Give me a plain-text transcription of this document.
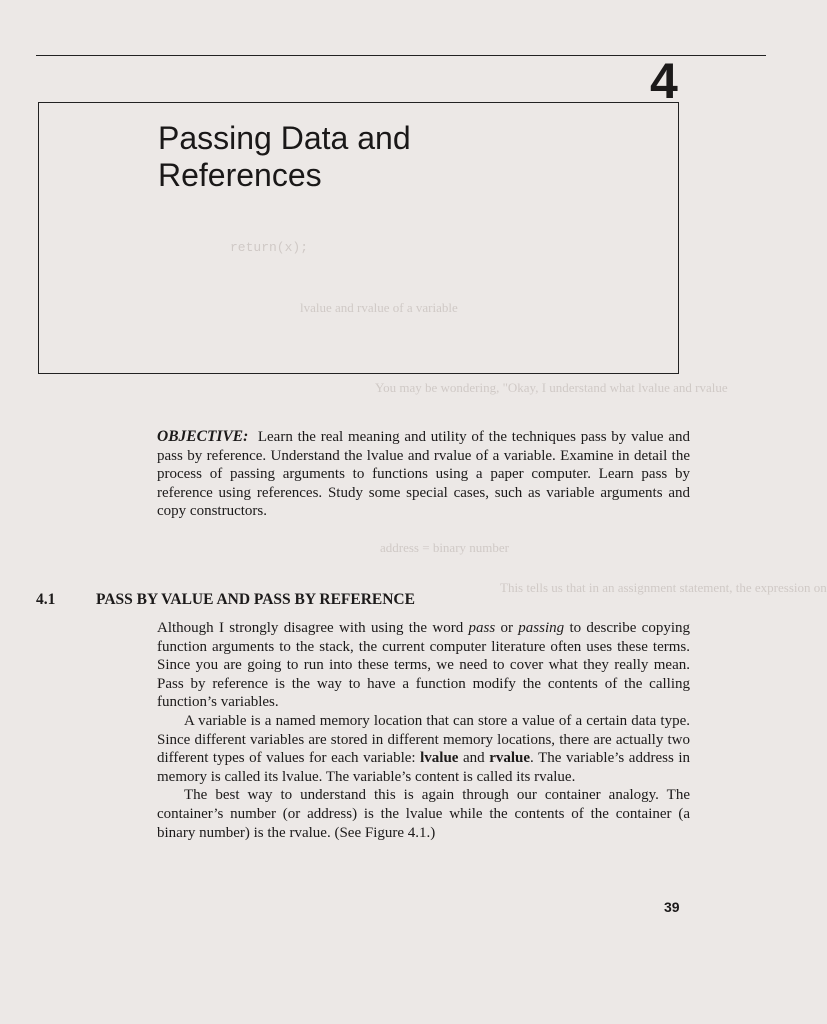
lvalue and rvalue of a variable
return(x);
You may be wondering, "Okay, I understand what lvalue and rvalue
This tells us that in an assignment statement, the expression on
address = binary number
4
Passing Data and
References
OBJECTIVE: Learn the real meaning and utility of the techniques pass by value and pass by reference. Understand the lvalue and rvalue of a variable. Examine in detail the process of passing arguments to functions using a paper computer. Learn pass by reference using references. Study some special cases, such as variable arguments and copy constructors.
4.1	PASS BY VALUE AND PASS BY REFERENCE

Although I strongly disagree with using the word pass or passing to describe copying function arguments to the stack, the current computer literature often uses these terms. Since you are going to run into these terms, we need to cover what they really mean. Pass by reference is the way to have a function modify the contents of the calling function’s variables.

A variable is a named memory location that can store a value of a certain data type. Since different variables are stored in different memory locations, there are actually two different types of values for each variable: lvalue and rvalue. The variable’s address in memory is called its lvalue. The variable’s content is called its rvalue.

The best way to understand this is again through our container analogy. The container’s number (or address) is the lvalue while the contents of the container (a binary number) is the rvalue. (See Figure 4.1.)

39
